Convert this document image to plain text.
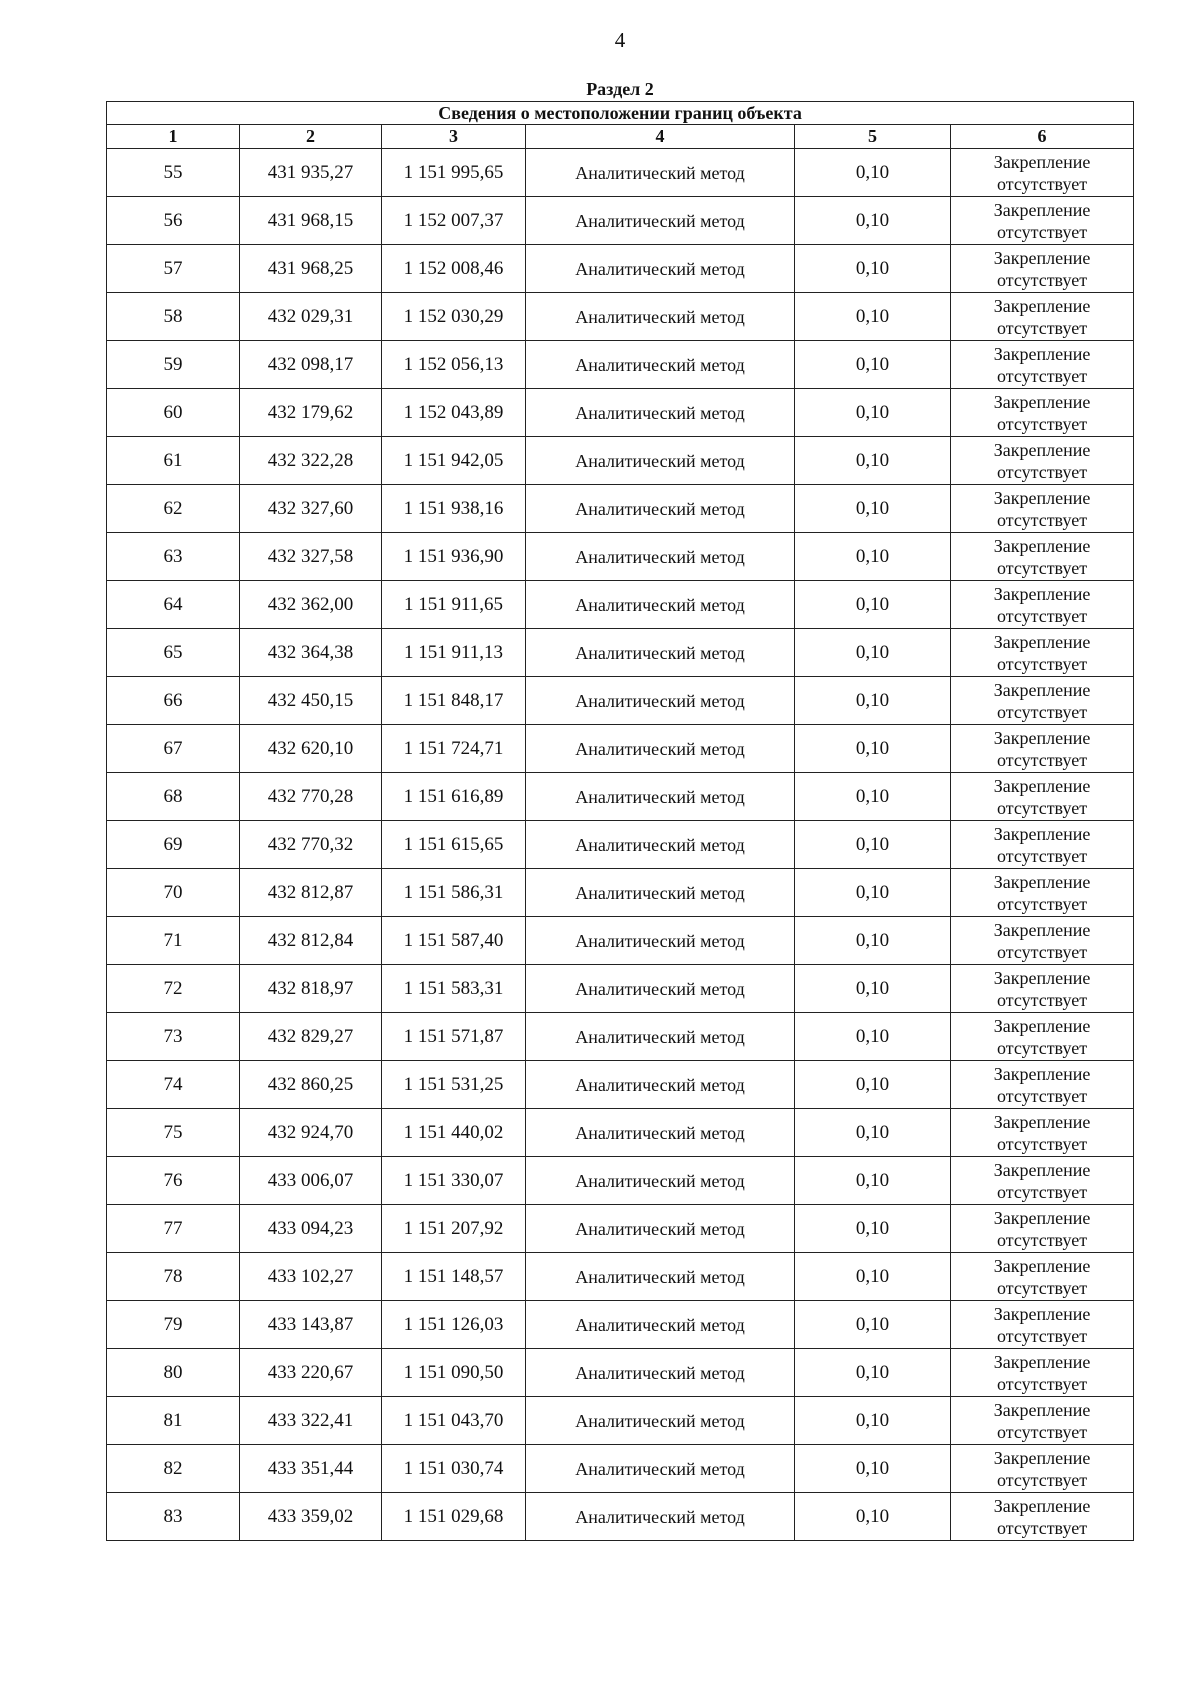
4
Раздел 2
Сведения о местоположении границ объекта					
1	2	3	4	5	6
55	431 935,27	1 151 995,65	Аналитический метод	0,10	Закрепление
отсутствует

56	431 968,15	1 152 007,37	Аналитический метод	0,10	Закрепление
отсутствует

57	431 968,25	1 152 008,46	Аналитический метод	0,10	Закрепление
отсутствует

58	432 029,31	1 152 030,29	Аналитический метод	0,10	Закрепление
отсутствует

59	432 098,17	1 152 056,13	Аналитический метод	0,10	Закрепление
отсутствует

60	432 179,62	1 152 043,89	Аналитический метод	0,10	Закрепление
отсутствует

61	432 322,28	1 151 942,05	Аналитический метод	0,10	Закрепление
отсутствует

62	432 327,60	1 151 938,16	Аналитический метод	0,10	Закрепление
отсутствует

63	432 327,58	1 151 936,90	Аналитический метод	0,10	Закрепление
отсутствует

64	432 362,00	1 151 911,65	Аналитический метод	0,10	Закрепление
отсутствует

65	432 364,38	1 151 911,13	Аналитический метод	0,10	Закрепление
отсутствует

66	432 450,15	1 151 848,17	Аналитический метод	0,10	Закрепление
отсутствует

67	432 620,10	1 151 724,71	Аналитический метод	0,10	Закрепление
отсутствует

68	432 770,28	1 151 616,89	Аналитический метод	0,10	Закрепление
отсутствует

69	432 770,32	1 151 615,65	Аналитический метод	0,10	Закрепление
отсутствует

70	432 812,87	1 151 586,31	Аналитический метод	0,10	Закрепление
отсутствует

71	432 812,84	1 151 587,40	Аналитический метод	0,10	Закрепление
отсутствует

72	432 818,97	1 151 583,31	Аналитический метод	0,10	Закрепление
отсутствует

73	432 829,27	1 151 571,87	Аналитический метод	0,10	Закрепление
отсутствует

74	432 860,25	1 151 531,25	Аналитический метод	0,10	Закрепление
отсутствует

75	432 924,70	1 151 440,02	Аналитический метод	0,10	Закрепление
отсутствует

76	433 006,07	1 151 330,07	Аналитический метод	0,10	Закрепление
отсутствует

77	433 094,23	1 151 207,92	Аналитический метод	0,10	Закрепление
отсутствует

78	433 102,27	1 151 148,57	Аналитический метод	0,10	Закрепление
отсутствует

79	433 143,87	1 151 126,03	Аналитический метод	0,10	Закрепление
отсутствует

80	433 220,67	1 151 090,50	Аналитический метод	0,10	Закрепление
отсутствует

81	433 322,41	1 151 043,70	Аналитический метод	0,10	Закрепление
отсутствует

82	433 351,44	1 151 030,74	Аналитический метод	0,10	Закрепление
отсутствует

83	433 359,02	1 151 029,68	Аналитический метод	0,10	Закрепление
отсутствует
